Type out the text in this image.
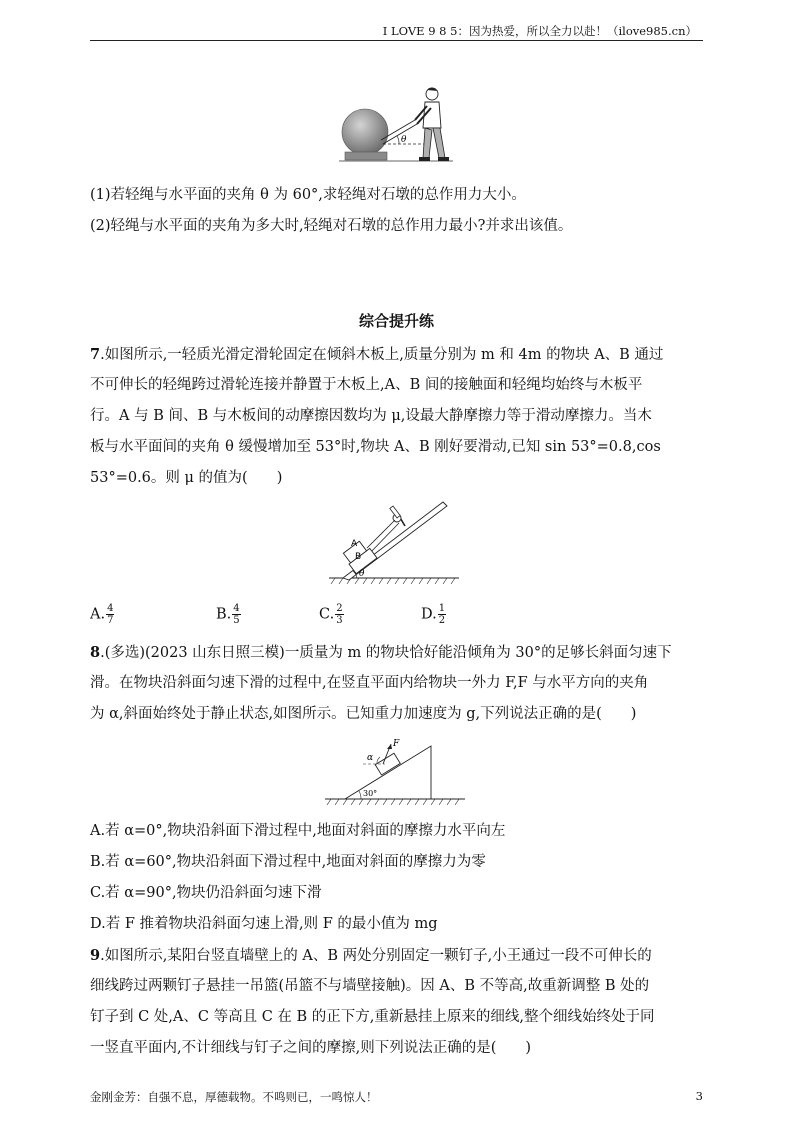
I LOVE 9 8 5：因为热爱，所以全力以赴！（ilove985.cn）
θ
(1)若轻绳与水平面的夹角 θ 为 60°,求轻绳对石墩的总作用力大小。
(2)轻绳与水平面的夹角为多大时,轻绳对石墩的总作用力最小?并求出该值。
综合提升练
7.如图所示,一轻质光滑定滑轮固定在倾斜木板上,质量分别为 m 和 4m 的物块 A、B 通过
不可伸长的轻绳跨过滑轮连接并静置于木板上,A、B 间的接触面和轻绳均始终与木板平
行。A 与 B 间、B 与木板间的动摩擦因数均为 μ,设最大静摩擦力等于滑动摩擦力。当木
板与水平面间的夹角 θ 缓慢增加至 53°时,物块 A、B 刚好要滑动,已知 sin 53°=0.8,cos
53°=0.6。则 μ 的值为(　　)
A
B
θ
A. $\frac{4}{7}$	B. $\frac{4}{5}$	C. $\frac{2}{3}$	D. $\frac{1}{2}$
8.(多选)(2023 山东日照三模)一质量为 m 的物块恰好能沿倾角为 30°的足够长斜面匀速下
滑。在物块沿斜面匀速下滑的过程中,在竖直平面内给物块一外力 F,F 与水平方向的夹角
为 α,斜面始终处于静止状态,如图所示。已知重力加速度为 g,下列说法正确的是(　　)
F
α
30°
A.若 α=0°,物块沿斜面下滑过程中,地面对斜面的摩擦力水平向左
B.若 α=60°,物块沿斜面下滑过程中,地面对斜面的摩擦力为零
C.若 α=90°,物块仍沿斜面匀速下滑
D.若 F 推着物块沿斜面匀速上滑,则 F 的最小值为 mg
9.如图所示,某阳台竖直墙壁上的 A、B 两处分别固定一颗钉子,小王通过一段不可伸长的
细线跨过两颗钉子悬挂一吊篮(吊篮不与墙壁接触)。因 A、B 不等高,故重新调整 B 处的
钉子到 C 处,A、C 等高且 C 在 B 的正下方,重新悬挂上原来的细线,整个细线始终处于同
一竖直平面内,不计细线与钉子之间的摩擦,则下列说法正确的是(　　)
金刚金芳：自强不息，厚德载物。不鸣则已，一鸣惊人！	3
